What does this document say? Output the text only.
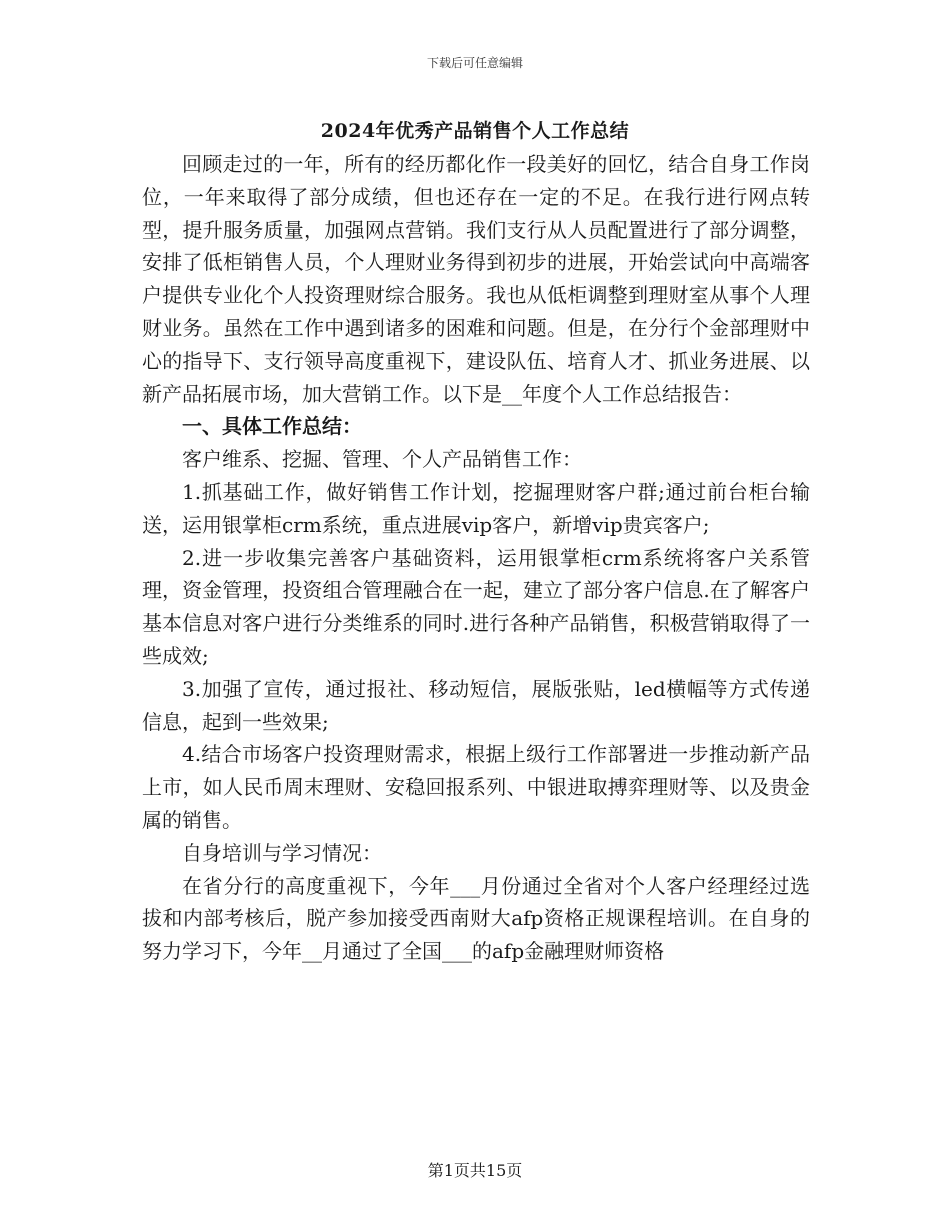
下载后可任意编辑
2024年优秀产品销售个人工作总结

回顾走过的一年，所有的经历都化作一段美好的回忆，结合自身工作岗位，一年来取得了部分成绩，但也还存在一定的不足。在我行进行网点转型，提升服务质量，加强网点营销。我们支行从人员配置进行了部分调整，安排了低柜销售人员，个人理财业务得到初步的进展，开始尝试向中高端客户提供专业化个人投资理财综合服务。我也从低柜调整到理财室从事个人理财业务。虽然在工作中遇到诸多的困难和问题。但是，在分行个金部理财中心的指导下、支行领导高度重视下，建设队伍、培育人才、抓业务进展、以新产品拓展市场，加大营销工作。以下是__年度个人工作总结报告：

一、具体工作总结：

客户维系、挖掘、管理、个人产品销售工作：

1.抓基础工作，做好销售工作计划，挖掘理财客户群;通过前台柜台输送，运用银掌柜crm系统，重点进展vip客户，新增vip贵宾客户;

2.进一步收集完善客户基础资料，运用银掌柜crm系统将客户关系管理，资金管理，投资组合管理融合在一起，建立了部分客户信息.在了解客户基本信息对客户进行分类维系的同时.进行各种产品销售，积极营销取得了一些成效;

3.加强了宣传，通过报社、移动短信，展版张贴，led横幅等方式传递信息，起到一些效果;

4.结合市场客户投资理财需求，根据上级行工作部署进一步推动新产品上市，如人民币周末理财、安稳回报系列、中银进取搏弈理财等、以及贵金属的销售。

自身培训与学习情况：

在省分行的高度重视下，今年___月份通过全省对个人客户经理经过选拔和内部考核后，脱产参加接受西南财大afp资格正规课程培训。在自身的努力学习下，今年__月通过了全国___的afp金融理财师资格

第1页共15页
